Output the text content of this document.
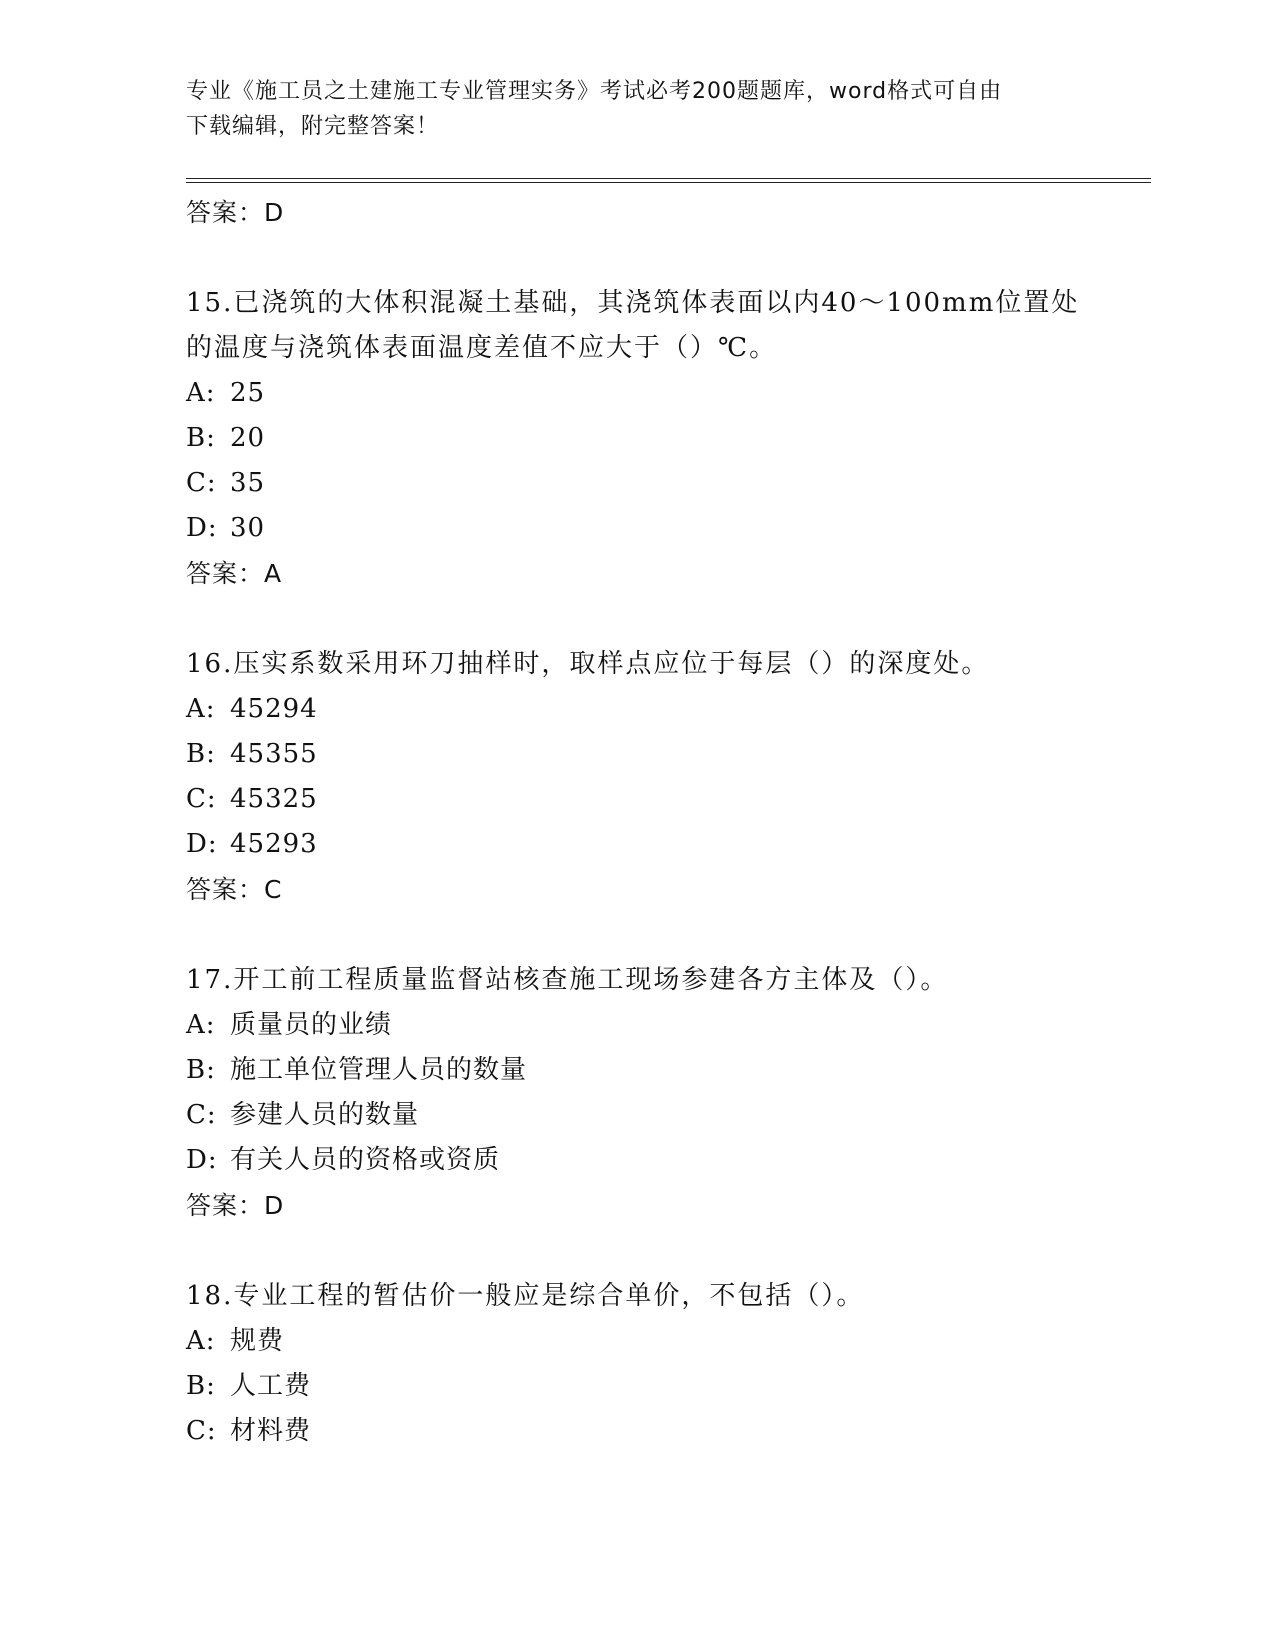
专业《施工员之土建施工专业管理实务》考试必考200题题库，word格式可自由
下载编辑，附完整答案！
答案：D
15.已浇筑的大体积混凝土基础，其浇筑体表面以内40～100mm位置处的温度与浇筑体表面温度差值不应大于（）℃。
A: 25
B: 20
C: 35
D: 30
答案：A
16.压实系数采用环刀抽样时，取样点应位于每层（）的深度处。
A: 45294
B: 45355
C: 45325
D: 45293
答案：C
17.开工前工程质量监督站核查施工现场参建各方主体及（）。
A: 质量员的业绩
B: 施工单位管理人员的数量
C: 参建人员的数量
D: 有关人员的资格或资质
答案：D
18.专业工程的暂估价一般应是综合单价，不包括（）。
A: 规费
B: 人工费
C: 材料费
